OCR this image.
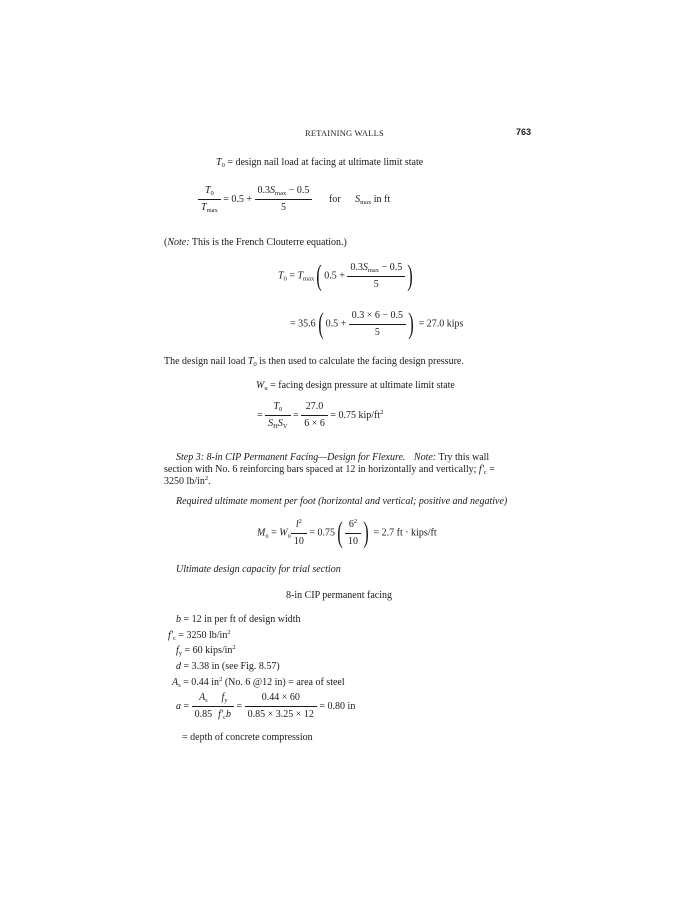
RETAINING WALLS	763
$T_0$ = design nail load at facing at ultimate limit state
$\frac{T_0}{T_{max}} = 0.5 + \frac{0.3S_{max} - 0.5}{5}$ for $S_{max}$ in ft
(Note: This is the French Clouterre equation.)
$T_0 = T_{max}$( $0.5 + \frac{0.3S_{max} - 0.5}{5}$ )
= 35.6( $0.5 + \frac{0.3 \times 6 - 0.5}{5}$ ) = 27.0 kips
The design nail load $T_0$ is then used to calculate the facing design pressure.
$W_u$ = facing design pressure at ultimate limit state
= $\frac{T_0}{S_HS_V} = \frac{27.0}{6 \times 6} = 0.75$ kip/$ft^2$
Step 3: 8-in CIP Permanent Facing—Design for Flexure. Note: Try this wall
section with No. 6 reinforcing bars spaced at 12 in horizontally and vertically; $f'_c$ =
3250 $lb/in^2$.
Required ultimate moment per foot (horizontal and vertical; positive and negative)
$M_u = W_u \frac{l^2}{10} = 0.75( \frac{6^2}{10}$ ) = 2.7 ft · kips/ft
Ultimate design capacity for trial section
8-in CIP permanent facing
b = 12 in per ft of design width
$f'_c = 3250$ $lb/in^2$
$f_y = 60$ kips/$in^2$
d = 3.38 in (see Fig. 8.57)
$A_s = 0.44$ $in^2$ (No. 6 @12 in) = area of steel
$a = \frac{A_s}{0.85} \frac{f_y}{f'_cb} = \frac{0.44 \times 60}{0.85 \times 3.25 \times 12} = 0.80$ in
= depth of concrete compression
